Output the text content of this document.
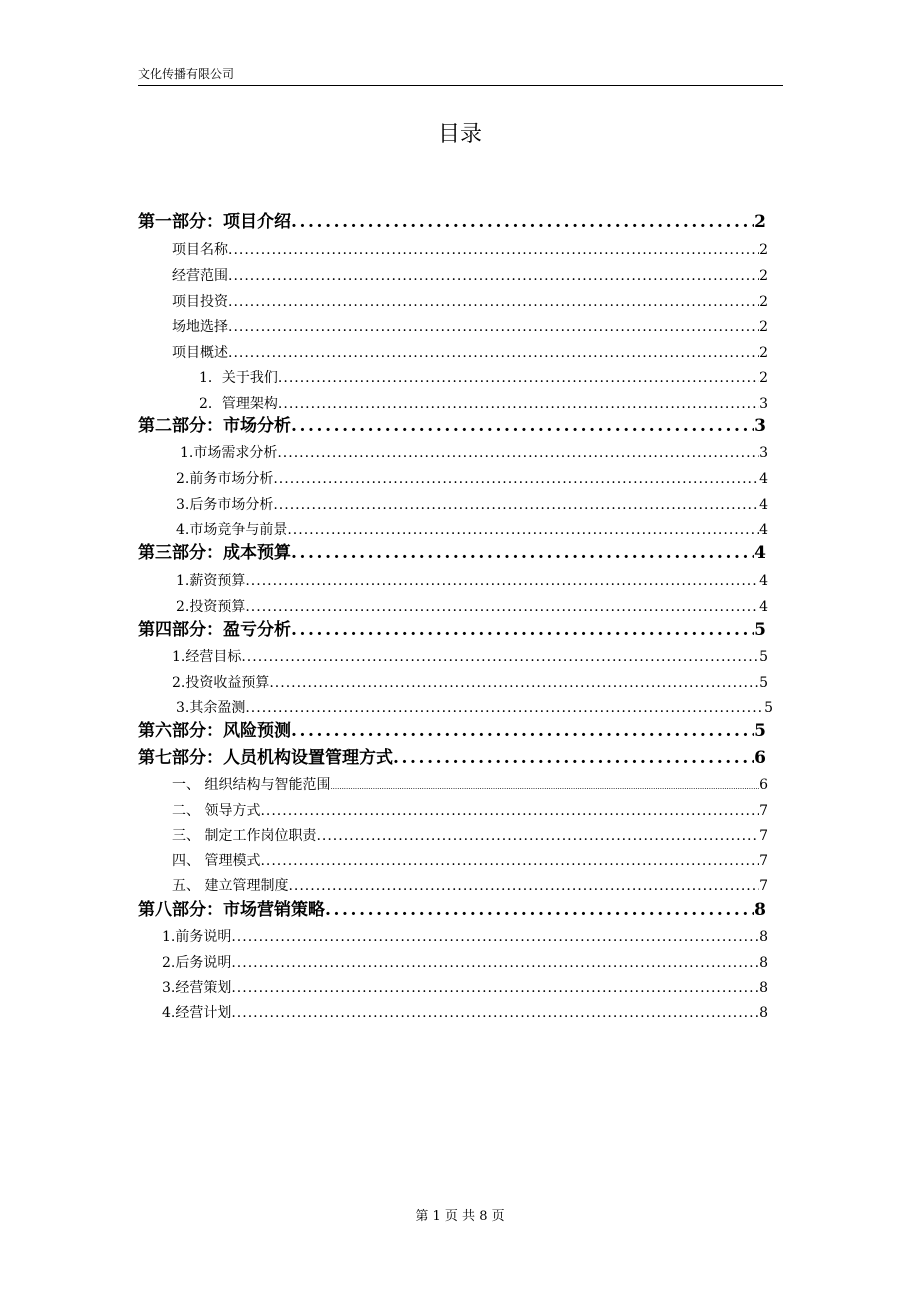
文化传播有限公司
目录
第一部分：项目介绍 .....	2
项目名称 .....	2
经营范围 .....	2
项目投资 .....	2
场地选择 .....	2
项目概述 .....	2
1．关于我们 .....	2
2．管理架构 .....	3
第二部分：市场分析 .....	3
1.市场需求分析 .....	3
2.前务市场分析 .....	4
3.后务市场分析 .....	4
4.市场竞争与前景 .....	4
第三部分：成本预算 .....	4
1.薪资预算 .....	4
2.投资预算 .....	4
第四部分：盈亏分析 .....	5
1.经营目标 .....	5
2.投资收益预算 .....	5
3.其余盈测 .....	5
第六部分：风险预测 .....	5
第七部分：人员机构设置管理方式 .....	6
一、 组织结构与智能范围 .....	6
二、 领导方式 .....	7
三、 制定工作岗位职责 .....	7
四、 管理模式 .....	7
五、 建立管理制度 .....	7
第八部分：市场营销策略 .....	8
1.前务说明 .....	8
2.后务说明 .....	8
3.经营策划 .....	8
4.经营计划 .....	8
第 1 页 共 8 页
